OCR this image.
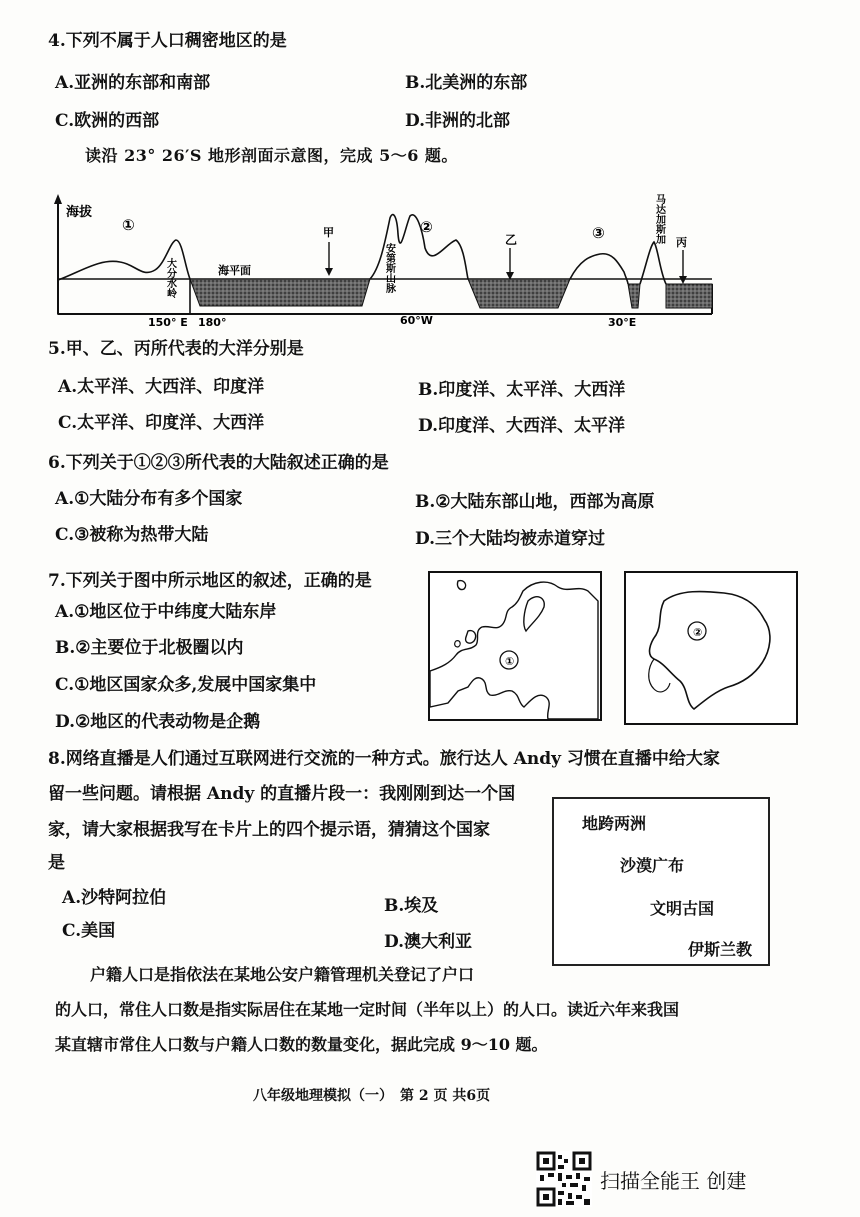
4.下列不属于人口稠密地区的是
A.亚洲的东部和南部	B.北美洲的东部
C.欧洲的西部	D.非洲的北部
读沿 23° 26′S 地形剖面示意图，完成 5～6 题。
海拔
①	②	③
海平面
大分水岭	安第斯山脉
马达加斯加
甲
乙	丙
150° E 180°	60°W	30°E
5.甲、乙、丙所代表的大洋分别是
A.太平洋、大西洋、印度洋	B.印度洋、太平洋、大西洋
C.太平洋、印度洋、大西洋	D.印度洋、大西洋、太平洋
6.下列关于①②③所代表的大陆叙述正确的是
A.①大陆分布有多个国家	B.②大陆东部山地，西部为高原
C.③被称为热带大陆	D.三个大陆均被赤道穿过
7.下列关于图中所示地区的叙述，正确的是
A.①地区位于中纬度大陆东岸
B.②主要位于北极圈以内
C.①地区国家众多,发展中国家集中
D.②地区的代表动物是企鹅
①
②
8.网络直播是人们通过互联网进行交流的一种方式。旅行达人 Andy 习惯在直播中给大家
留一些问题。请根据 Andy 的直播片段一：我刚刚到达一个国
家，请大家根据我写在卡片上的四个提示语，猜猜这个国家
是
A.沙特阿拉伯	B.埃及
C.美国
D.澳大利亚
地跨两洲
沙漠广布
文明古国
伊斯兰教
户籍人口是指依法在某地公安户籍管理机关登记了户口
的人口，常住人口数是指实际居住在某地一定时间（半年以上）的人口。读近六年来我国
某直辖市常住人口数与户籍人口数的数量变化，据此完成 9～10 题。
八年级地理模拟（一）　第 2 页 共6页
扫描全能王 创建
